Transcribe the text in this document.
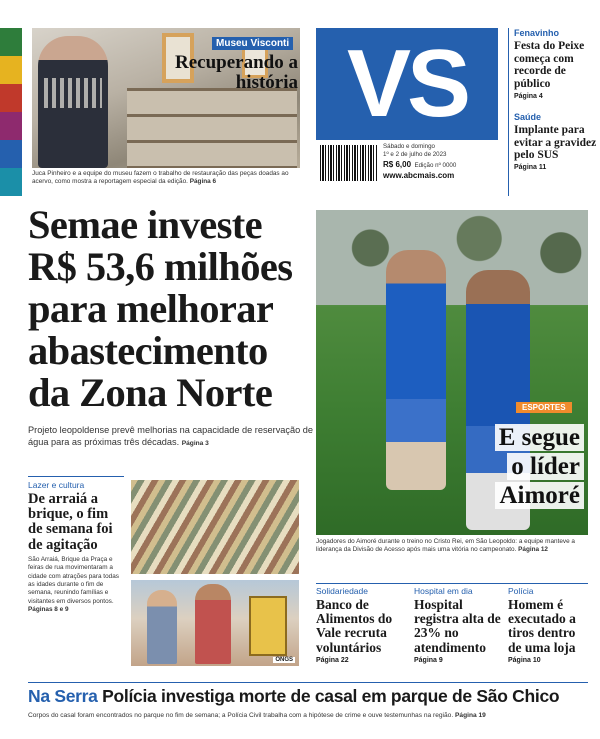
Museu Visconti
Recuperando a história
Juca Pinheiro e a equipe do museu fazem o trabalho de restauração das peças doadas ao acervo, como mostra a reportagem especial da edição. Página 6
VS
Sábado e domingo
1º e 2 de julho de 2023
R$ 6,00 Edição nº 0000
www.abcmais.com
Fenavinho
Festa do Peixe começa com recorde de público
Página 4
Saúde
Implante para evitar a gravidez pelo SUS
Página 11
Semae investe R$ 53,6 milhões para melhorar abastecimento da Zona Norte
Projeto leopoldense prevê melhorias na capacidade de reservação de água para as próximas três décadas. Página 3
ESPORTES
E segue
o líder
Aimoré
Jogadores do Aimoré durante o treino no Cristo Rei, em São Leopoldo: a equipe manteve a liderança da Divisão de Acesso após mais uma vitória no campeonato. Página 12
Lazer e cultura
De arraiá a brique, o fim de semana foi de agitação
São Arraiá, Brique da Praça e feiras de rua movimentaram a cidade com atrações para todas as idades durante o fim de semana, reunindo famílias e visitantes em diversos pontos. Páginas 8 e 9
ONGS
Solidariedade
Banco de Alimentos do Vale recruta voluntários
Página 22
Hospital em dia
Hospital registra alta de 23% no atendimento
Página 9
Polícia
Homem é executado a tiros dentro de uma loja
Página 10
Na Serra Polícia investiga morte de casal em parque de São Chico
Corpos do casal foram encontrados no parque no fim de semana; a Polícia Civil trabalha com a hipótese de crime e ouve testemunhas na região. Página 19
